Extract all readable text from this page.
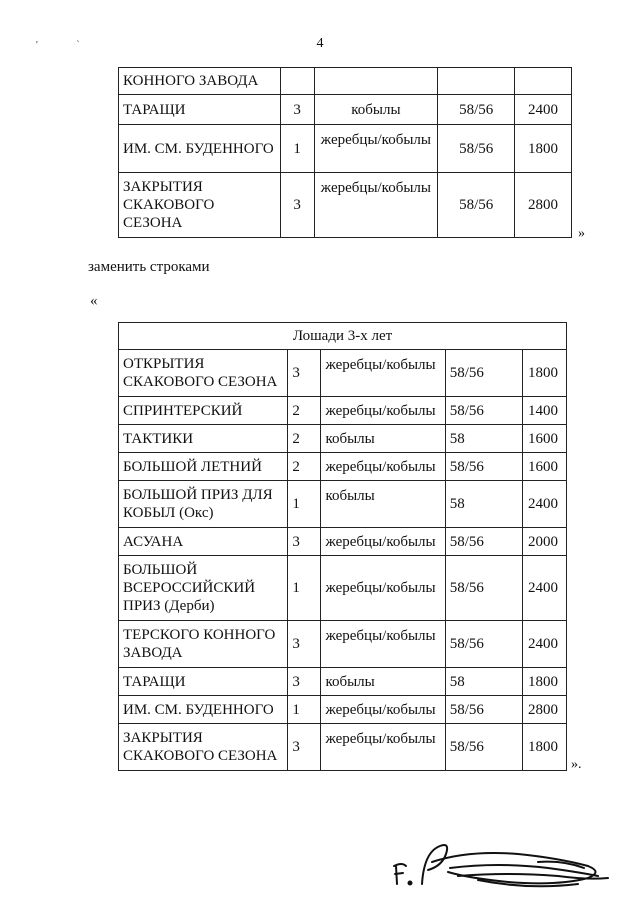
' `	4
КОННОГО ЗАВОДА				
ТАРАЩИ	3	кобылы	58/56	2400
ИМ. СМ. БУДЕННОГО	1	жеребцы/кобылы	58/56	1800
ЗАКРЫТИЯ СКАКОВОГО СЕЗОНА	3	жеребцы/кобылы	58/56	2800
»
заменить строками
«
Лошади 3-х лет				
ОТКРЫТИЯ СКАКОВОГО СЕЗОНА	3	жеребцы/кобылы	58/56	1800
СПРИНТЕРСКИЙ	2	жеребцы/кобылы	58/56	1400
ТАКТИКИ	2	кобылы	58	1600
БОЛЬШОЙ ЛЕТНИЙ	2	жеребцы/кобылы	58/56	1600
БОЛЬШОЙ ПРИЗ ДЛЯ КОБЫЛ (Окс)	1	кобылы	58	2400
АСУАНА	3	жеребцы/кобылы	58/56	2000
БОЛЬШОЙ ВСЕРОССИЙСКИЙ ПРИЗ (Дерби)	1	жеребцы/кобылы	58/56	2400
ТЕРСКОГО КОННОГО ЗАВОДА	3	жеребцы/кобылы	58/56	2400
ТАРАЩИ	3	кобылы	58	1800
ИМ. СМ. БУДЕННОГО	1	жеребцы/кобылы	58/56	2800
ЗАКРЫТИЯ СКАКОВОГО СЕЗОНА	3	жеребцы/кобылы	58/56	1800
».
